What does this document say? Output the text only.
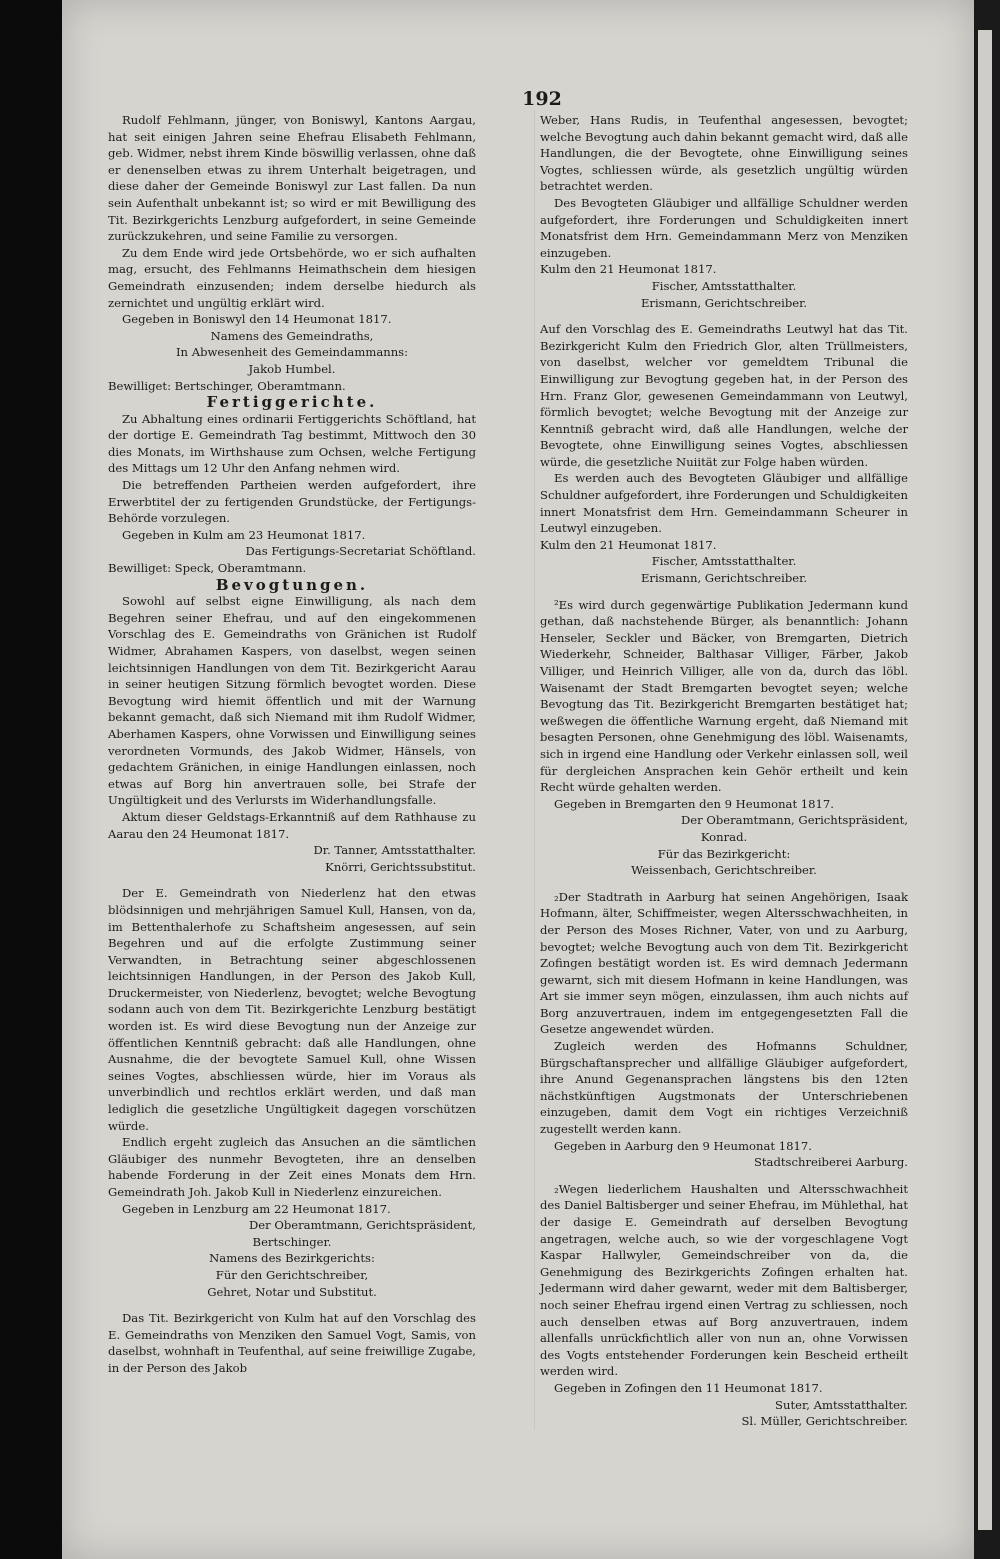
192

Rudolf Fehlmann, jünger, von Boniswyl, Kantons Aargau, hat seit einigen Jahren seine Ehefrau Elisabeth Fehlmann, geb. Widmer, nebst ihrem Kinde böswillig verlassen, ohne daß er denenselben etwas zu ihrem Unterhalt beigetragen, und diese daher der Gemeinde Boniswyl zur Last fallen. Da nun sein Aufenthalt unbekannt ist; so wird er mit Bewilligung des Tit. Bezirkgerichts Lenzburg aufgefordert, in seine Gemeinde zurückzukehren, und seine Familie zu versorgen.

Zu dem Ende wird jede Ortsbehörde, wo er sich aufhalten mag, ersucht, des Fehlmanns Heimathschein dem hiesigen Gemeindrath einzusenden; indem derselbe hiedurch als zernichtet und ungültig erklärt wird.

Gegeben in Boniswyl den 14 Heumonat 1817.

Namens des Gemeindraths,

In Abwesenheit des Gemeindammanns:

Jakob Humbel.

Bewilliget: Bertschinger, Oberamtmann.

Fertiggerichte.

Zu Abhaltung eines ordinarii Fertiggerichts Schöftland, hat der dortige E. Gemeindrath Tag bestimmt, Mittwoch den 30 dies Monats, im Wirthshause zum Ochsen, welche Fertigung des Mittags um 12 Uhr den Anfang nehmen wird.

Die betreffenden Partheien werden aufgefordert, ihre Erwerbtitel der zu fertigenden Grundstücke, der Fertigungs-Behörde vorzulegen.

Gegeben in Kulm am 23 Heumonat 1817.

Das Fertigungs-Secretariat Schöftland.

Bewilliget: Speck, Oberamtmann.

Bevogtungen.

Sowohl auf selbst eigne Einwilligung, als nach dem Begehren seiner Ehefrau, und auf den eingekommenen Vorschlag des E. Gemeindraths von Gränichen ist Rudolf Widmer, Abrahamen Kaspers, von daselbst, wegen seinen leichtsinnigen Handlungen von dem Tit. Bezirkgericht Aarau in seiner heutigen Sitzung förmlich bevogtet worden. Diese Bevogtung wird hiemit öffentlich und mit der Warnung bekannt gemacht, daß sich Niemand mit ihm Rudolf Widmer, Aberhamen Kaspers, ohne Vorwissen und Einwilligung seines verordneten Vormunds, des Jakob Widmer, Hänsels, von gedachtem Gränichen, in einige Handlungen einlassen, noch etwas auf Borg hin anvertrauen solle, bei Strafe der Ungültigkeit und des Verlursts im Widerhandlungsfalle.

Aktum dieser Geldstags-Erkanntniß auf dem Rathhause zu Aarau den 24 Heumonat 1817.

Dr. Tanner, Amtsstatthalter.

Knörri, Gerichtssubstitut.

Der E. Gemeindrath von Niederlenz hat den etwas blödsinnigen und mehrjährigen Samuel Kull, Hansen, von da, im Bettenthalerhofe zu Schaftsheim angesessen, auf sein Begehren und auf die erfolgte Zustimmung seiner Verwandten, in Betrachtung seiner abgeschlossenen leichtsinnigen Handlungen, in der Person des Jakob Kull, Druckermeister, von Niederlenz, bevogtet; welche Bevogtung sodann auch von dem Tit. Bezirkgerichte Lenzburg bestätigt worden ist. Es wird diese Bevogtung nun der Anzeige zur öffentlichen Kenntniß gebracht: daß alle Handlungen, ohne Ausnahme, die der bevogtete Samuel Kull, ohne Wissen seines Vogtes, abschliessen würde, hier im Voraus als unverbindlich und rechtlos erklärt werden, und daß man lediglich die gesetzliche Ungültigkeit dagegen vorschützen würde.

Endlich ergeht zugleich das Ansuchen an die sämtlichen Gläubiger des nunmehr Bevogteten, ihre an denselben habende Forderung in der Zeit eines Monats dem Hrn. Gemeindrath Joh. Jakob Kull in Niederlenz einzureichen.

Gegeben in Lenzburg am 22 Heumonat 1817.

Der Oberamtmann, Gerichtspräsident,

Bertschinger.

Namens des Bezirkgerichts:

Für den Gerichtschreiber,

Gehret, Notar und Substitut.

Das Tit. Bezirkgericht von Kulm hat auf den Vorschlag des E. Gemeindraths von Menziken den Samuel Vogt, Samis, von daselbst, wohnhaft in Teufenthal, auf seine freiwillige Zugabe, in der Person des Jakob

Weber, Hans Rudis, in Teufenthal angesessen, bevogtet; welche Bevogtung auch dahin bekannt gemacht wird, daß alle Handlungen, die der Bevogtete, ohne Einwilligung seines Vogtes, schliessen würde, als gesetzlich ungültig würden betrachtet werden.

Des Bevogteten Gläubiger und allfällige Schuldner werden aufgefordert, ihre Forderungen und Schuldigkeiten innert Monatsfrist dem Hrn. Gemeindammann Merz von Menziken einzugeben.

Kulm den 21 Heumonat 1817.

Fischer, Amtsstatthalter.

Erismann, Gerichtschreiber.

Auf den Vorschlag des E. Gemeindraths Leutwyl hat das Tit. Bezirkgericht Kulm den Friedrich Glor, alten Trüllmeisters, von daselbst, welcher vor gemeldtem Tribunal die Einwilligung zur Bevogtung gegeben hat, in der Person des Hrn. Franz Glor, gewesenen Gemeindammann von Leutwyl, förmlich bevogtet; welche Bevogtung mit der Anzeige zur Kenntniß gebracht wird, daß alle Handlungen, welche der Bevogtete, ohne Einwilligung seines Vogtes, abschliessen würde, die gesetzliche Nuiität zur Folge haben würden.

Es werden auch des Bevogteten Gläubiger und allfällige Schuldner aufgefordert, ihre Forderungen und Schuldigkeiten innert Monatsfrist dem Hrn. Gemeindammann Scheurer in Leutwyl einzugeben.

Kulm den 21 Heumonat 1817.

Fischer, Amtsstatthalter.

Erismann, Gerichtschreiber.

²Es wird durch gegenwärtige Publikation Jedermann kund gethan, daß nachstehende Bürger, als benanntlich: Johann Henseler, Seckler und Bäcker, von Bremgarten, Dietrich Wiederkehr, Schneider, Balthasar Villiger, Färber, Jakob Villiger, und Heinrich Villiger, alle von da, durch das löbl. Waisenamt der Stadt Bremgarten bevogtet seyen; welche Bevogtung das Tit. Bezirkgericht Bremgarten bestätiget hat; weßwegen die öffentliche Warnung ergeht, daß Niemand mit besagten Personen, ohne Genehmigung des löbl. Waisenamts, sich in irgend eine Handlung oder Verkehr einlassen soll, weil für dergleichen Ansprachen kein Gehör ertheilt und kein Recht würde gehalten werden.

Gegeben in Bremgarten den 9 Heumonat 1817.

Der Oberamtmann, Gerichtspräsident,

Konrad.

Für das Bezirkgericht:

Weissenbach, Gerichtschreiber.

₂Der Stadtrath in Aarburg hat seinen Angehörigen, Isaak Hofmann, älter, Schiffmeister, wegen Altersschwachheiten, in der Person des Moses Richner, Vater, von und zu Aarburg, bevogtet; welche Bevogtung auch von dem Tit. Bezirkgericht Zofingen bestätigt worden ist. Es wird demnach Jedermann gewarnt, sich mit diesem Hofmann in keine Handlungen, was Art sie immer seyn mögen, einzulassen, ihm auch nichts auf Borg anzuvertrauen, indem im entgegengesetzten Fall die Gesetze angewendet würden.

Zugleich werden des Hofmanns Schuldner, Bürgschaftansprecher und allfällige Gläubiger aufgefordert, ihre Anund Gegenansprachen längstens bis den 12ten nächstkünftigen Augstmonats der Unterschriebenen einzugeben, damit dem Vogt ein richtiges Verzeichniß zugestellt werden kann.

Gegeben in Aarburg den 9 Heumonat 1817.

Stadtschreiberei Aarburg.

₂Wegen liederlichem Haushalten und Altersschwachheit des Daniel Baltisberger und seiner Ehefrau, im Mühlethal, hat der dasige E. Gemeindrath auf derselben Bevogtung angetragen, welche auch, so wie der vorgeschlagene Vogt Kaspar Hallwyler, Gemeindschreiber von da, die Genehmigung des Bezirkgerichts Zofingen erhalten hat. Jedermann wird daher gewarnt, weder mit dem Baltisberger, noch seiner Ehefrau irgend einen Vertrag zu schliessen, noch auch denselben etwas auf Borg anzuvertrauen, indem allenfalls unrückfichtlich aller von nun an, ohne Vorwissen des Vogts entstehender Forderungen kein Bescheid ertheilt werden wird.

Gegeben in Zofingen den 11 Heumonat 1817.

Suter, Amtsstatthalter.

Sl. Müller, Gerichtschreiber.
